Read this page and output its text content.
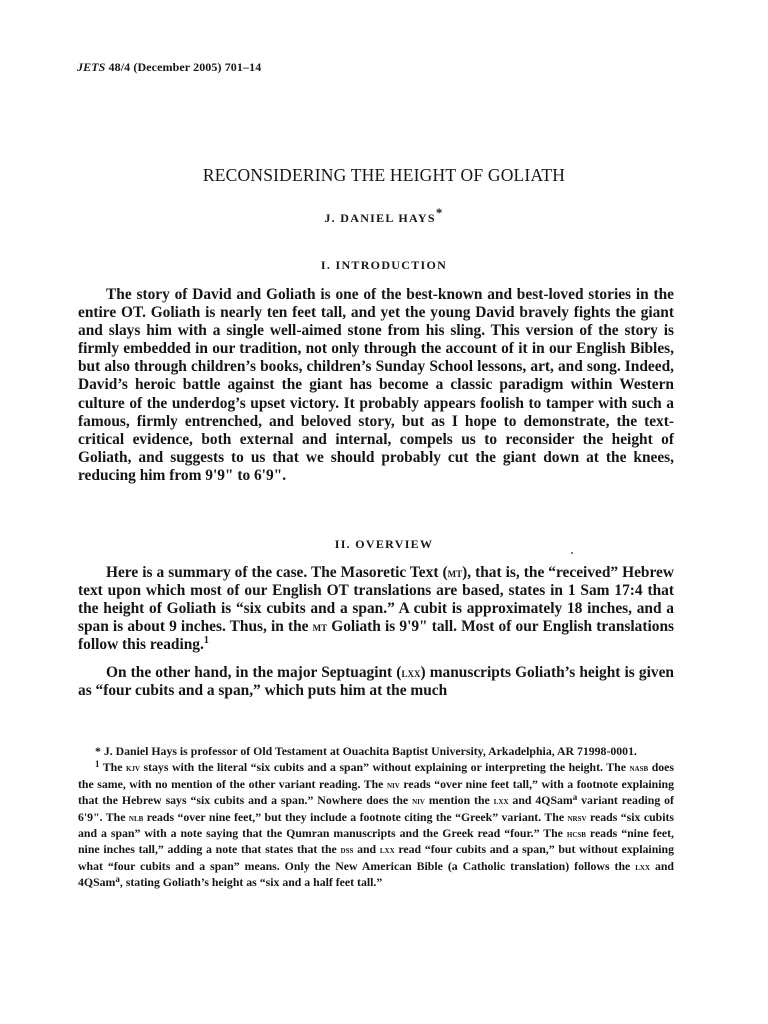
JETS 48/4 (December 2005) 701–14
RECONSIDERING THE HEIGHT OF GOLIATH
J. DANIEL HAYS*
I. INTRODUCTION

The story of David and Goliath is one of the best-known and best-loved stories in the entire OT. Goliath is nearly ten feet tall, and yet the young David bravely fights the giant and slays him with a single well-aimed stone from his sling. This version of the story is firmly embedded in our tradition, not only through the account of it in our English Bibles, but also through children’s books, children’s Sunday School lessons, art, and song. Indeed, David’s heroic battle against the giant has become a classic paradigm within Western culture of the underdog’s upset victory. It probably appears foolish to tamper with such a famous, firmly entrenched, and beloved story, but as I hope to demonstrate, the text-critical evidence, both external and internal, compels us to reconsider the height of Goliath, and suggests to us that we should probably cut the giant down at the knees, reducing him from 9'9" to 6'9".

II. OVERVIEW

Here is a summary of the case. The Masoretic Text (mt), that is, the “received” Hebrew text upon which most of our English OT translations are based, states in 1 Sam 17:4 that the height of Goliath is “six cubits and a span.” A cubit is approximately 18 inches, and a span is about 9 inches. Thus, in the mt Goliath is 9'9" tall. Most of our English translations follow this reading.$^1$

On the other hand, in the major Septuagint (lxx) manuscripts Goliath’s height is given as “four cubits and a span,” which puts him at the much

* J. Daniel Hays is professor of Old Testament at Ouachita Baptist University, Arkadelphia, AR 71998-0001.

$^1$ The kjv stays with the literal “six cubits and a span” without explaining or interpreting the height. The nasb does the same, with no mention of the other variant reading. The niv reads “over nine feet tall,” with a footnote explaining that the Hebrew says “six cubits and a span.” Nowhere does the niv mention the lxx and 4QSam$^a$ variant reading of 6'9". The nlb reads “over nine feet,” but they include a footnote citing the “Greek” variant. The nrsv reads “six cubits and a span” with a note saying that the Qumran manuscripts and the Greek read “four.” The hcsb reads “nine feet, nine inches tall,” adding a note that states that the dss and lxx read “four cubits and a span,” but without explaining what “four cubits and a span” means. Only the New American Bible (a Catholic translation) follows the lxx and 4QSam$^a$, stating Goliath’s height as “six and a half feet tall.”
